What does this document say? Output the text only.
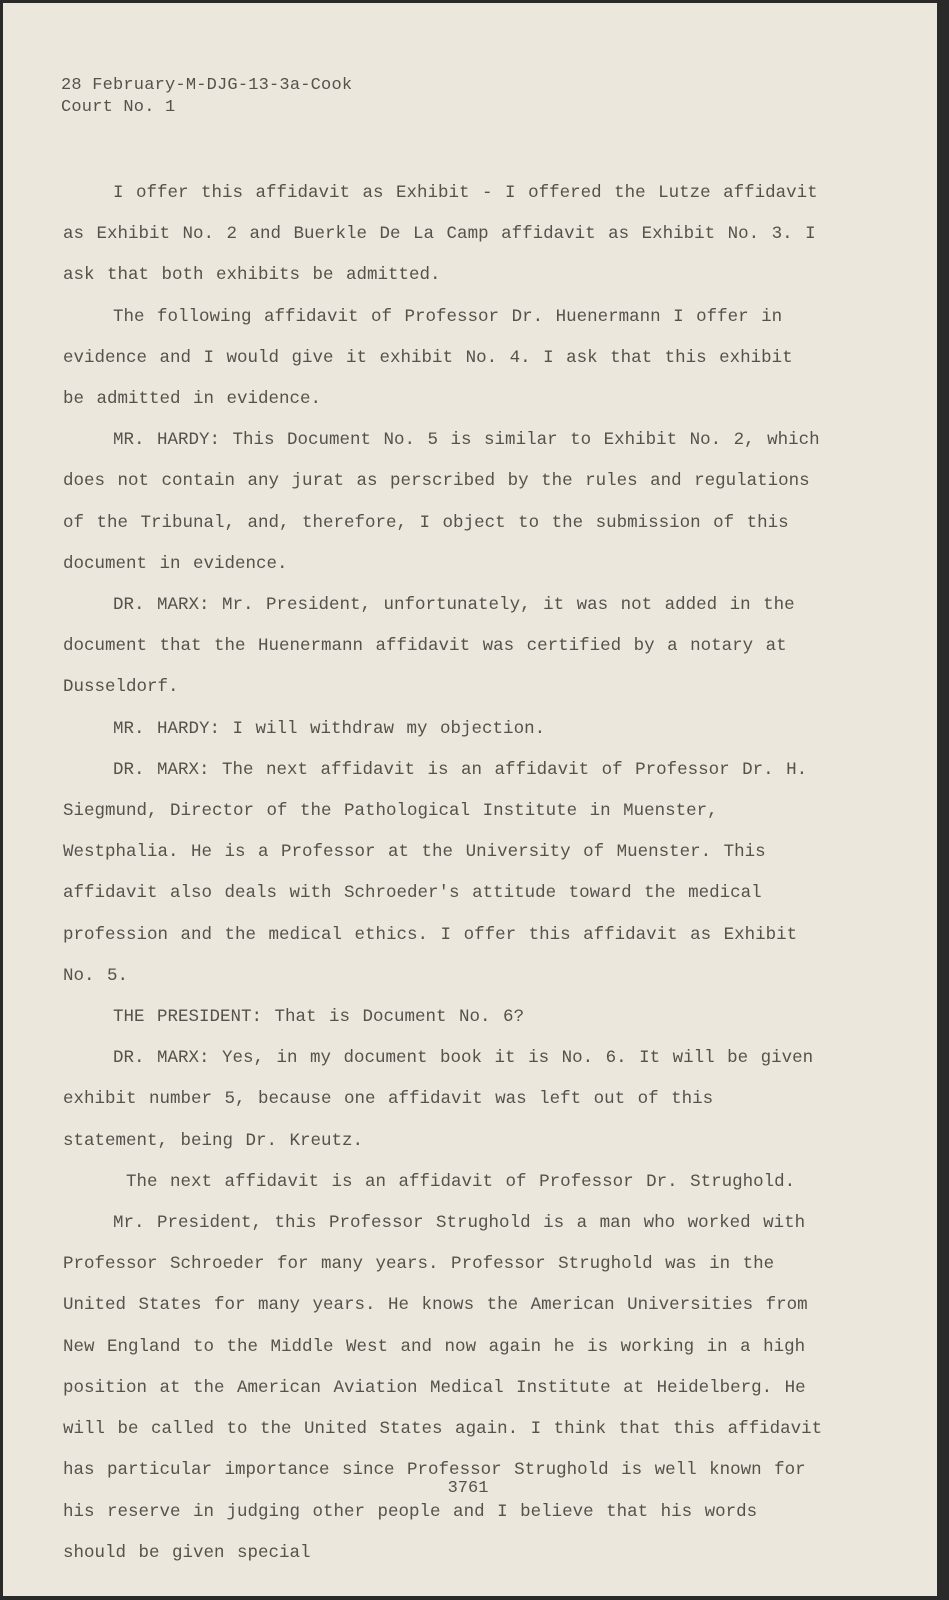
28 February-M-DJG-13-3a-Cook
Court No. 1

I offer this affidavit as Exhibit - I offered the Lutze affidavit as Exhibit No. 2 and Buerkle De La Camp affidavit as Exhibit No. 3. I ask that both exhibits be admitted.

The following affidavit of Professor Dr. Huenermann I offer in evidence and I would give it exhibit No. 4. I ask that this exhibit be admitted in evidence.

MR. HARDY: This Document No. 5 is similar to Exhibit No. 2, which does not contain any jurat as perscribed by the rules and regulations of the Tribunal, and, therefore, I object to the submission of this document in evidence.

DR. MARX: Mr. President, unfortunately, it was not added in the document that the Huenermann affidavit was certified by a notary at Dusseldorf.

MR. HARDY: I will withdraw my objection.

DR. MARX: The next affidavit is an affidavit of Professor Dr. H. Siegmund, Director of the Pathological Institute in Muenster, Westphalia. He is a Professor at the University of Muenster. This affidavit also deals with Schroeder's attitude toward the medical profession and the medical ethics. I offer this affidavit as Exhibit No. 5.

THE PRESIDENT: That is Document No. 6?

DR. MARX: Yes, in my document book it is No. 6. It will be given exhibit number 5, because one affidavit was left out of this statement, being Dr. Kreutz.

The next affidavit is an affidavit of Professor Dr. Strughold.

Mr. President, this Professor Strughold is a man who worked with Professor Schroeder for many years. Professor Strughold was in the United States for many years. He knows the American Universities from New England to the Middle West and now again he is working in a high position at the American Aviation Medical Institute at Heidelberg. He will be called to the United States again. I think that this affidavit has particular importance since Professor Strughold is well known for his reserve in judging other people and I believe that his words should be given special

3761
